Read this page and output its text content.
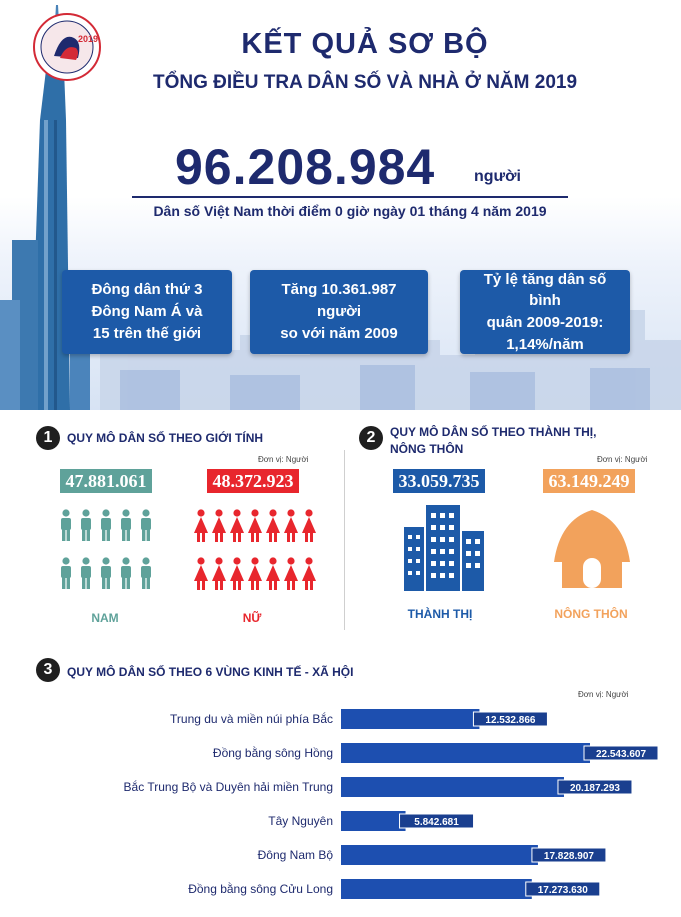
2019	KẾT QUẢ SƠ BỘ
TỔNG ĐIỀU TRA DÂN SỐ VÀ NHÀ Ở NĂM 2019
96.208.984 người
Dân số Việt Nam thời điểm 0 giờ ngày 01 tháng 4 năm 2019
Đông dân thứ 3
Đông Nam Á và
15 trên thế giới
Tăng 10.361.987 người
so với năm 2009
Tỷ lệ tăng dân số bình
quân 2009-2019:
1,14%/năm
1	QUY MÔ DÂN SỐ THEO GIỚI TÍNH
Đơn vị: Người
47.881.061	48.372.923
NAM	NỮ
2	QUY MÔ DÂN SỐ THEO THÀNH THỊ,
NÔNG THÔN
Đơn vị: Người
33.059.735	63.149.249
THÀNH THỊ	NÔNG THÔN
3	QUY MÔ DÂN SỐ THEO 6 VÙNG KINH TẾ - XÃ HỘI
Đơn vị: Người
Trung du và miền núi phía Bắc	12.532.866
Đồng bằng sông Hồng	22.543.607
Bắc Trung Bộ và Duyên hải miền Trung	20.187.293
Tây Nguyên	5.842.681
Đông Nam Bộ	17.828.907
Đồng bằng sông Cửu Long	17.273.630
